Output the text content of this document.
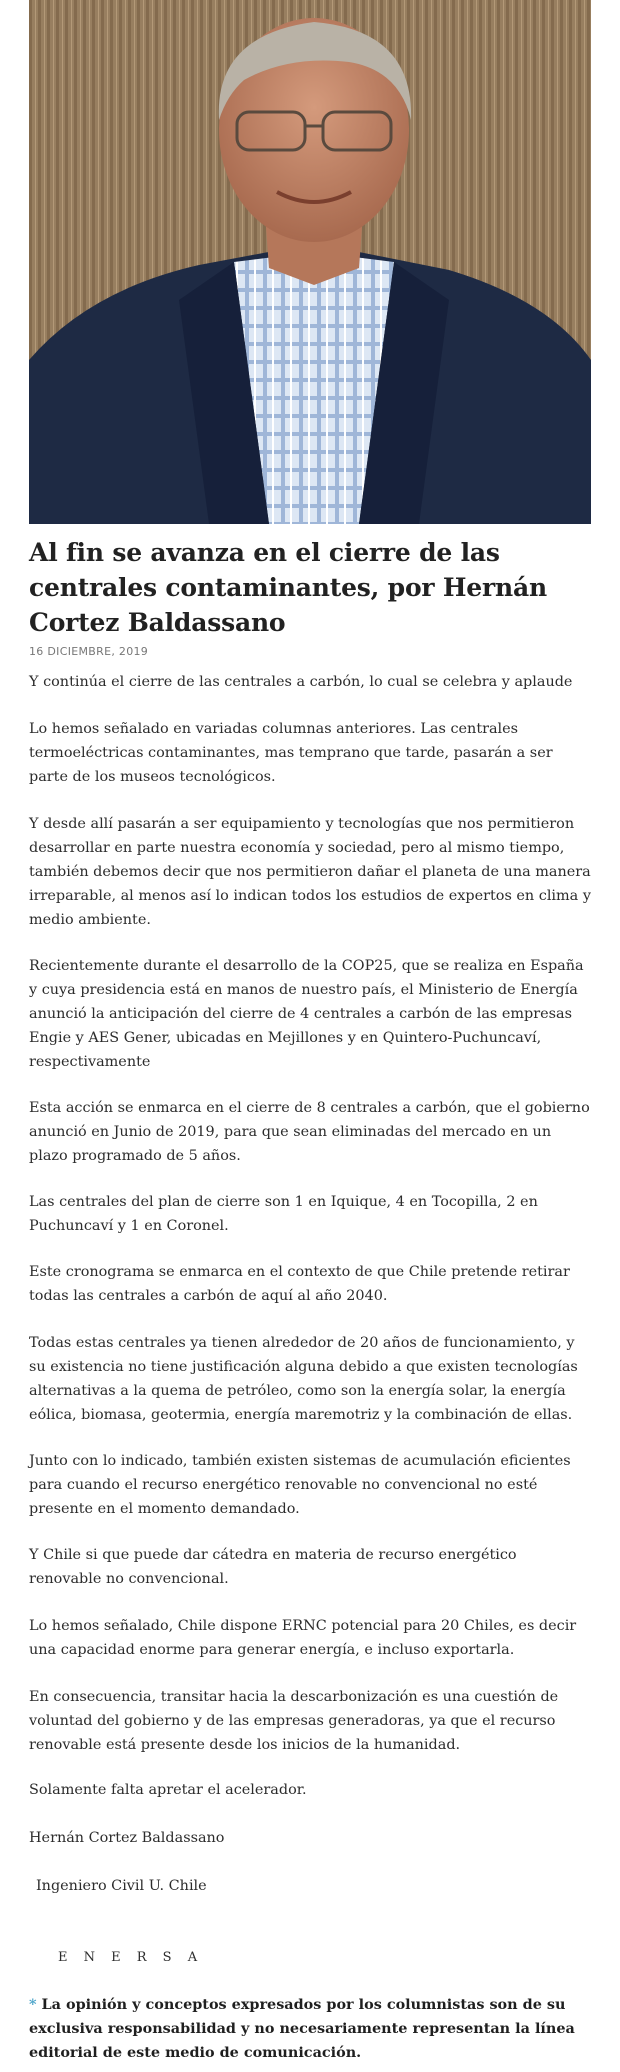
Al fin se avanza en el cierre de las centrales contaminantes, por Hernán Cortez Baldassano
16 DICIEMBRE, 2019

Y continúa el cierre de las centrales a carbón, lo cual se celebra y aplaude

Lo hemos señalado en variadas columnas anteriores. Las centrales termoeléctricas contaminantes, mas temprano que tarde, pasarán a ser parte de los museos tecnológicos.

Y desde allí pasarán a ser equipamiento y tecnologías que nos permitieron desarrollar en parte nuestra economía y sociedad, pero al mismo tiempo, también debemos decir que nos permitieron dañar el planeta de una manera irreparable, al menos así lo indican todos los estudios de expertos en clima y medio ambiente.

Recientemente durante el desarrollo de la COP25, que se realiza en España y cuya presidencia está en manos de nuestro país, el Ministerio de Energía anunció la anticipación del cierre de 4 centrales a carbón de las empresas Engie y AES Gener, ubicadas en Mejillones y en Quintero-Puchuncaví, respectivamente

Esta acción se enmarca en el cierre de 8 centrales a carbón, que el gobierno anunció en Junio de 2019, para que sean eliminadas del mercado en un plazo programado de 5 años.

Las centrales del plan de cierre son 1 en Iquique, 4 en Tocopilla, 2 en Puchuncaví y 1 en Coronel.

Este cronograma se enmarca en el contexto de que Chile pretende retirar todas las centrales a carbón de aquí al año 2040.

Todas estas centrales ya tienen alrededor de 20 años de funcionamiento, y su existencia no tiene justificación alguna debido a que existen tecnologías alternativas a la quema de petróleo, como son la energía solar, la energía eólica, biomasa, geotermia, energía maremotriz y la combinación de ellas.

Junto con lo indicado, también existen sistemas de acumulación eficientes para cuando el recurso energético renovable no convencional no esté presente en el momento demandado.

Y Chile si que puede dar cátedra en materia de recurso energético renovable no convencional.

Lo hemos señalado, Chile dispone ERNC potencial para 20 Chiles, es decir una capacidad enorme para generar energía, e incluso exportarla.

En consecuencia, transitar hacia la descarbonización es una cuestión de voluntad del gobierno y de las empresas generadoras, ya que el recurso renovable está presente desde los inicios de la humanidad.

Solamente falta apretar el acelerador.

Hernán Cortez Baldassano

Ingeniero Civil U. Chile

E N E R S A

* La opinión y conceptos expresados por los columnistas son de su exclusiva responsabilidad y no necesariamente representan la línea editorial de este medio de comunicación.
